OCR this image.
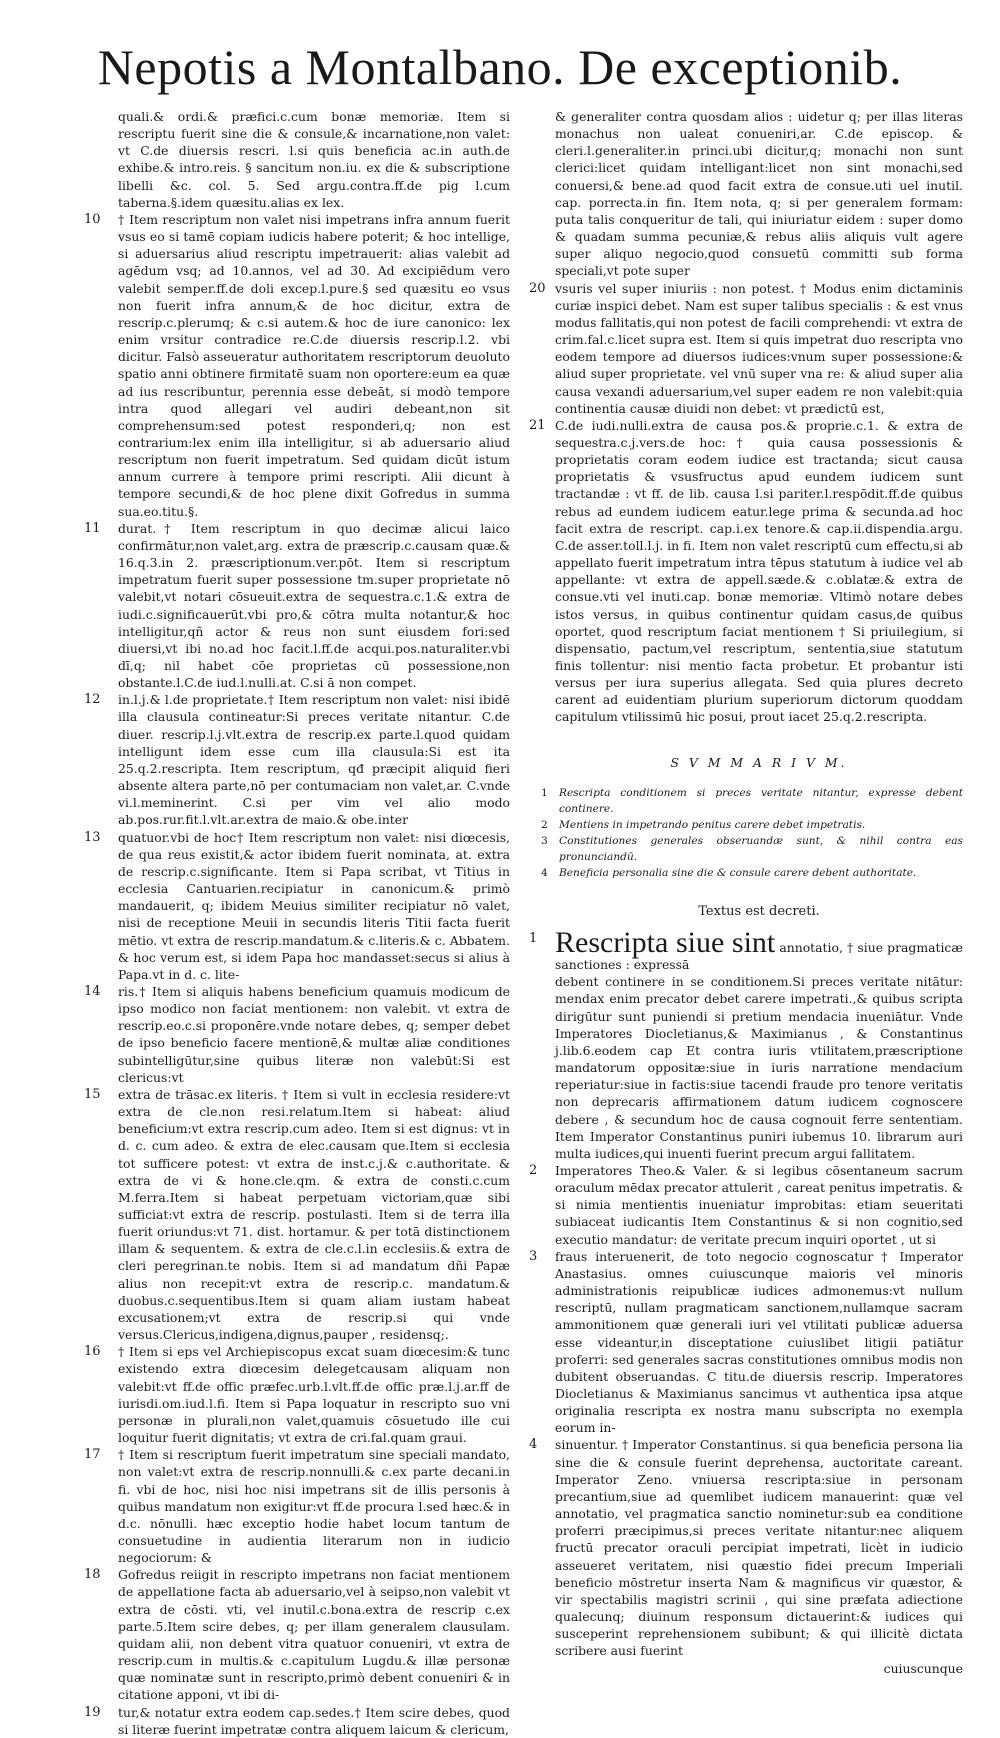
Nepotis a Montalbano. De exceptionib.

quali.& ordi.& præfici.c.cum bonæ memoriæ. Item si rescriptu fuerit sine die & consule,& incarnatione,non valet: vt C.de diuersis rescri. l.si quis beneficia ac.in auth.de exhibe.& intro.reis. § sancitum non.iu. ex die & subscriptione libelli &c. col. 5. Sed argu.contra.ff.de pig l.cum taberna.§.idem quæsitu.alias ex lex.

10 † Item rescriptum non valet nisi impetrans infra annum fuerit vsus eo si tamē copiam iudicis habere poterit; & hoc intellige, si aduersarius aliud rescriptu impetrauerit: alias valebit ad agēdum vsq; ad 10.annos, vel ad 30. Ad excipiēdum vero valebit semper.ff.de doli excep.l.pure.§ sed quæsitu eo vsus non fuerit infra annum,& de hoc dicitur, extra de rescrip.c.plerumq; & c.si autem.& hoc de iure canonico: lex enim vrsitur contradice re.C.de diuersis rescrip.l.2. vbi dicitur. Falsò asseueratur authoritatem rescriptorum deuoluto spatio anni obtinere firmitatē suam non oportere:eum ea quæ ad ius rescribuntur, perennia esse debeāt, si modò tempore intra quod allegari vel audiri debeant,non sit comprehensum:sed potest responderi,q; non est contrarium:lex enim illa intelligitur, si ab aduersario aliud rescriptum non fuerit impetratum. Sed quidam dicūt istum annum currere à tempore primi rescripti. Alii dicunt à tempore secundi,& de hoc plene dixit Gofredus in summa sua.eo.titu.§.

11 durat.† Item rescriptum in quo decimæ alicui laico confirmātur,non valet,arg. extra de præscrip.c.causam quæ.& 16.q.3.in 2. præscriptionum.ver.pōt. Item si rescriptum impetratum fuerit super possessione tm.super proprietate nō valebit,vt notari cōsueuit.extra de sequestra.c.1.& extra de iudi.c.significauerūt.vbi pro,& cōtra multa notantur,& hoc intelligitur,qñ actor & reus non sunt eiusdem fori:sed diuersi,vt ibi no.ad hoc facit.l.ff.de acqui.pos.naturaliter.vbi dī,q; nil habet cōe proprietas cū possessione,non obstante.l.C.de iud.l.nulli.at. C.si ā non compet.

12 in.l.j.& l.de proprietate.† Item rescriptum non valet: nisi ibidē illa clausula contineatur:Si preces veritate nitantur. C.de diuer. rescrip.l.j.vlt.extra de rescrip.ex parte.l.quod quidam intelligunt idem esse cum illa clausula:Si est ita 25.q.2.rescripta. Item rescriptum, qđ præcipit aliquid fieri absente altera parte,nō per contumaciam non valet,ar. C.vnde vi.l.meminerint. C.si per vim vel alio modo ab.pos.rur.fit.l.vlt.ar.extra de maio.& obe.inter

13 quatuor.vbi de hoc† Item rescriptum non valet: nisi diœcesis, de qua reus existit,& actor ibidem fuerit nominata, at. extra de rescrip.c.significante. Item si Papa scribat, vt Titius in ecclesia Cantuarien.recipiatur in canonicum.& primò mandauerit, q; ibidem Meuius similiter recipiatur nō valet, nisi de receptione Meuii in secundis literis Titii facta fuerit mētio. vt extra de rescrip.mandatum.& c.literis.& c. Abbatem. & hoc verum est, si idem Papa hoc mandasset:secus si alius à Papa.vt in d. c. lite-

14 ris.† Item si aliquis habens beneficium quamuis modicum de ipso modico non faciat mentionem: non valebit. vt extra de rescrip.eo.c.si proponēre.vnde notare debes, q; semper debet de ipso beneficio facere mentionē,& multæ aliæ conditiones subintelligūtur,sine quibus literæ non valebūt:Si est clericus:vt

15 extra de trāsac.ex literis. † Item si vult in ecclesia residere:vt extra de cle.non resi.relatum.Item si habeat: aliud beneficium:vt extra rescrip.cum adeo. Item si est dignus: vt in d. c. cum adeo. & extra de elec.causam que.Item si ecclesia tot sufficere potest: vt extra de inst.c.j.& c.authoritate. & extra de vi & hone.cle.qm. & extra de consti.c.cum M.ferra.Item si habeat perpetuam victoriam,quæ sibi sufficiat:vt extra de rescrip. postulasti. Item si de terra illa fuerit oriundus:vt 71. dist. hortamur. & per totā distinctionem illam & sequentem. & extra de cle.c.l.in ecclesiis.& extra de cleri peregrinan.te nobis. Item si ad mandatum dñi Papæ alius non recepit:vt extra de rescrip.c. mandatum.& duobus.c.sequentibus.Item si quam aliam iustam habeat excusationem;vt extra de rescrip.si qui vnde versus.Clericus,indigena,dignus,pauper , residensq;.

16 † Item si eps vel Archiepiscopus excat suam diœcesim:& tunc existendo extra diœcesim delegetcausam aliquam non valebit:vt ff.de offic præfec.urb.l.vlt.ff.de offic præ.l.j.ar.ff de iurisdi.om.iud.l.fi. Item si Papa loquatur in rescripto suo vni personæ in plurali,non valet,quamuis cōsuetudo ille cui loquitur fuerit dignitatis; vt extra de cri.fal.quam graui.

17 † Item si rescriptum fuerit impetratum sine speciali mandato, non valet:vt extra de rescrip.nonnulli.& c.ex parte decani.in fi. vbi de hoc, nisi hoc nisi impetrans sit de illis personis à quibus mandatum non exigitur:vt ff.de procura l.sed hæc.& in d.c. nōnulli. hæc exceptio hodie habet locum tantum de consuetudine in audientia literarum non in iudicio negociorum: &

18 Gofredus reiigit in rescripto impetrans non faciat mentionem de appellatione facta ab aduersario,vel à seipso,non valebit vt extra de cōsti. vti, vel inutil.c.bona.extra de rescrip c.ex parte.5.Item scire debes, q; per illam generalem clausulam. quidam alii, non debent vitra quatuor conueniri, vt extra de rescrip.cum in multis.& c.capitulum Lugdu.& illæ personæ quæ nominatæ sunt in rescripto,primò debent conueniri & in citatione apponi, vt ibi di-

19 tur,& notatur extra eodem cap.sedes.† Item scire debes, quod si literæ fuerint impetratæ contra aliquem laicum & clericum,

& generaliter contra quosdam alios : uidetur q; per illas literas monachus non ualeat conueniri,ar. C.de episcop. & cleri.l.generaliter.in princi.ubi dicitur,q; monachi non sunt clerici:licet quidam intelligant:licet non sint monachi,sed conuersi,& bene.ad quod facit extra de consue.uti uel inutil. cap. porrecta.in fin. Item nota, q; si per generalem formam: puta talis conqueritur de tali, qui iniuriatur eidem : super domo & quadam summa pecuniæ,& rebus aliis aliquis vult agere super aliquo negocio,quod consuetū committi sub forma speciali,vt pote super

20 vsuris vel super iniuriis : non potest. † Modus enim dictaminis curiæ inspici debet. Nam est super talibus specialis : & est vnus modus fallitatis,qui non potest de facili comprehendi: vt extra de crim.fal.c.licet supra est. Item si quis impetrat duo rescripta vno eodem tempore ad diuersos iudices:vnum super possessione:& aliud super proprietate. vel vnū super vna re: & aliud super alia causa vexandi aduersarium,vel super eadem re non valebit:quia continentia causæ diuidi non debet: vt prædictū est,

21 C.de iudi.nulli.extra de causa pos.& proprie.c.1. & extra de sequestra.c.j.vers.de hoc:† quia causa possessionis & proprietatis coram eodem iudice est tractanda; sicut causa proprietatis & vsusfructus apud eundem iudicem sunt tractandæ : vt ff. de lib. causa l.si pariter.l.respōdit.ff.de quibus rebus ad eundem iudicem eatur.lege prima & secunda.ad hoc facit extra de rescript. cap.i.ex tenore.& cap.ii.dispendia.argu. C.de asser.toll.l.j. in fi. Item non valet rescriptū cum effectu,si ab appellato fuerit impetratum intra tēpus statutum à iudice vel ab appellante: vt extra de appell.sæde.& c.oblatæ.& extra de consue.vti vel inuti.cap. bonæ memoriæ. Vltimò notare debes istos versus, in quibus continentur quidam casus,de quibus oportet, quod rescriptum faciat mentionem † Si priuilegium, si dispensatio, pactum,vel rescriptum, sententia,siue statutum finis tollentur: nisi mentio facta probetur. Et probantur isti versus per iura superius allegata. Sed quia plures decreto carent ad euidentiam plurium superiorum dictorum quoddam capitulum vtilissimū hic posui, prout iacet 25.q.2.rescripta.

S V M M A R I V M.
1 Rescripta conditionem si preces veritate nitantur, expresse debent continere.
2 Mentiens in impetrando penitus carere debet impetratis.
3 Constitutiones generales obseruandæ sunt, & nihil contra eas pronunciandū.
4 Beneficia personalia sine die & consule carere debent authoritate.
Textus est decreti.

1 Rescripta siue sint annotatio, † siue pragmaticæ sanctiones : expressā

debent continere in se conditionem.Si preces veritate nitātur: mendax enim precator debet carere impetrati.,& quibus scripta dirigūtur sunt puniendi si pretium mendacia inueniātur. Vnde Imperatores Diocletianus,& Maximianus , & Constantinus j.lib.6.eodem cap Et contra iuris vtilitatem,præscriptione mandatorum oppositæ:siue in iuris narratione mendacium reperiatur:siue in factis:siue tacendi fraude pro tenore veritatis non deprecaris affirmationem datum iudicem cognoscere debere , & secundum hoc de causa cognouit ferre sententiam. Item Imperator Constantinus puniri iubemus 10. librarum auri multa iudices,qui inuenti fuerint precum argui fallitatem.

2 Imperatores Theo.& Valer. & si legibus cōsentaneum sacrum oraculum mēdax precator attulerit , careat penitus impetratis. & si nimia mentientis inueniatur improbitas: etiam seueritati subiaceat iudicantis Item Constantinus & si non cognitio,sed executio mandatur: de veritate precum inquiri oportet , ut si

3 fraus interuenerit, de toto negocio cognoscatur † Imperator Anastasius. omnes cuiuscunque maioris vel minoris administrationis reipublicæ iudices admonemus:vt nullum rescriptū, nullam pragmaticam sanctionem,nullamque sacram ammonitionem quæ generali iuri vel vtilitati publicæ aduersa esse videantur,in disceptatione cuiuslibet litigii patiātur proferri: sed generales sacras constitutiones omnibus modis non dubitent obseruandas. C titu.de diuersis rescrip. Imperatores Diocletianus & Maximianus sancimus vt authentica ipsa atque originalia rescripta ex nostra manu subscripta no exempla eorum in-

4 sinuentur. † Imperator Constantinus. si qua beneficia persona lia sine die & consule fuerint deprehensa, auctoritate careant. Imperator Zeno. vniuersa rescripta:siue in personam precantium,siue ad quemlibet iudicem manauerint: quæ vel annotatio, vel pragmatica sanctio nominetur:sub ea conditione proferri præcipimus,si preces veritate nitantur:nec aliquem fructū precator oraculi percipiat impetrati, licèt in iudicio asseueret veritatem, nisi quæstio fidei precum Imperiali beneficio mōstretur inserta Nam & magnificus vir quæstor, & vir spectabilis magistri scrinii , qui sine præfata adiectione qualecunq; diuinum responsum dictauerint:& iudices qui susceperint reprehensionem subibunt; & qui illicitè dictata scribere ausi fuerint

cuiuscunque
